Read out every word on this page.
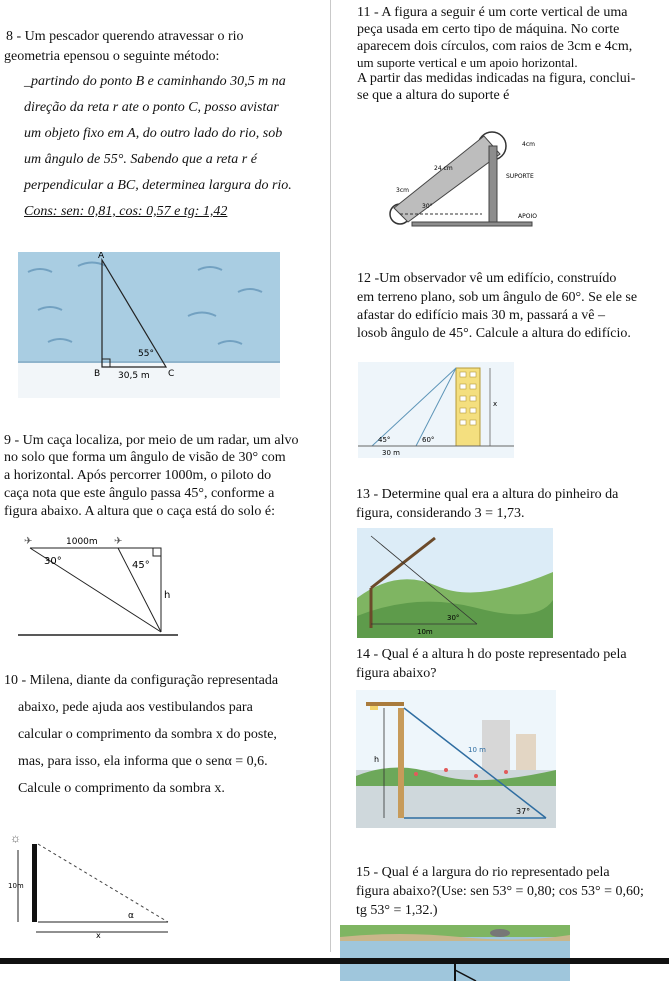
8 - Um pescador querendo atravessar o rio

geometria epensou o seguinte método:

_partindo do ponto B e caminhando 30,5 m na

direção da reta r ate o ponto C, posso avistar

um objeto fixo em A, do outro lado do rio, sob

um ângulo de 55°. Sabendo que a reta r é

perpendicular a BC, determinea largura do rio.

Cons: sen: 0,81, cos: 0,57 e tg: 1,42

A
B	C
55°
30,5 m

9 - Um caça localiza, por meio de um radar, um alvo

no solo que forma um ângulo de visão de 30° com

a horizontal. Após percorrer 1000m, o piloto do

caça nota que este ângulo passa 45°, conforme a

figura abaixo. A altura que o caça está do solo é:

✈	✈
1000m
30°	45°
h

10 - Milena, diante da configuração representada

abaixo, pede ajuda aos vestibulandos para

calcular o comprimento da sombra x do poste,

mas, para isso, ela informa que o senα = 0,6.

Calcule o comprimento da sombra x.

☼
10m
α
x

11 - A figura a seguir é um corte vertical de uma

peça usada em certo tipo de máquina. No corte

aparecem dois círculos, com raios de 3cm e 4cm,

um suporte vertical e um apoio horizontal.

A partir das medidas indicadas na figura, conclui-

se que a altura do suporte é

4cm
24 cm
SUPORTE
3cm
30°
APOIO

12 -Um observador vê um edifício, construído

em terreno plano, sob um ângulo de 60°. Se ele se

afastar do edifício mais 30 m, passará a vê –

losob ângulo de 45°. Calcule a altura do edifício.

45°	60°
30 m
x

13 - Determine qual era a altura do pinheiro da

figura, considerando 3 = 1,73.

30°
10m

14 - Qual é a altura h do poste representado pela

figura abaixo?

10 m
h
37°

15 - Qual é a largura do rio representado pela

figura abaixo?(Use: sen 53° = 0,80; cos 53° = 0,60;

tg 53° = 1,32.)
